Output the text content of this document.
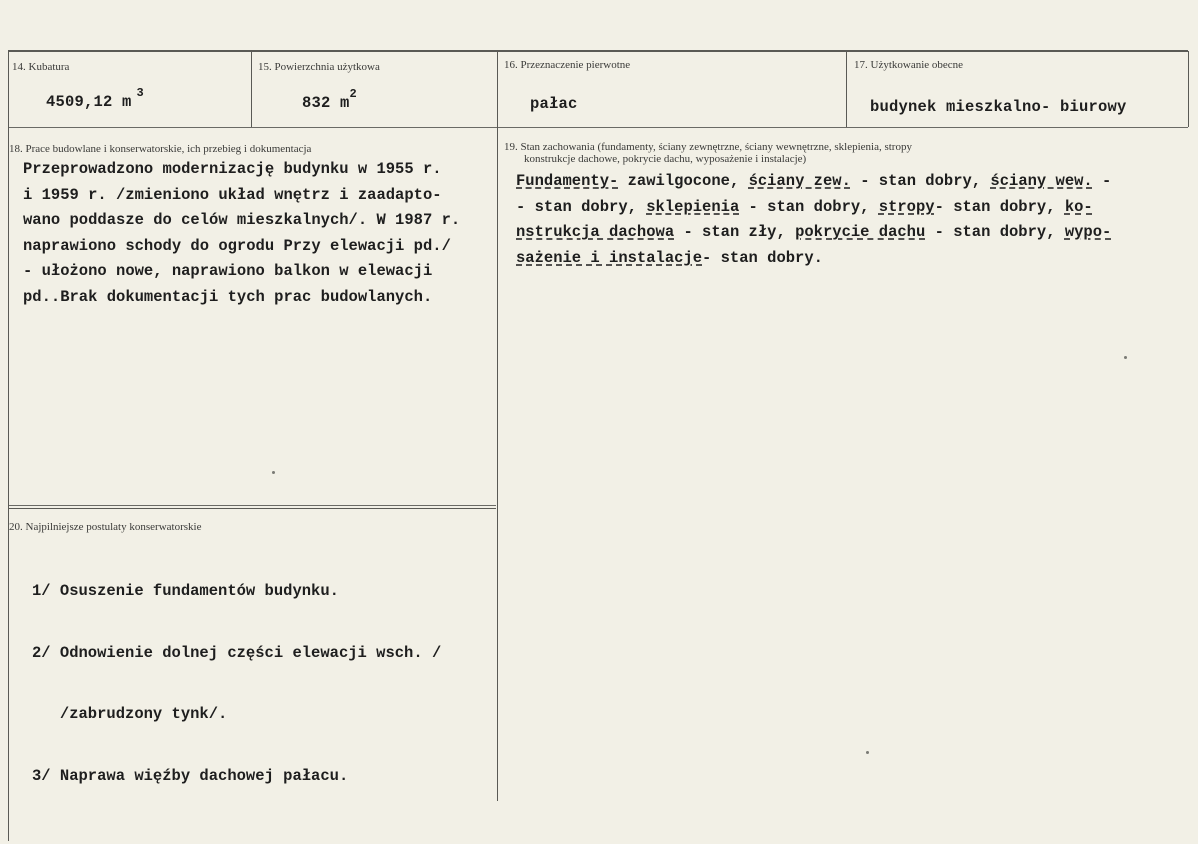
14. Kubatura
4509,12 $m^3$
15. Powierzchnia użytkowa
832 $m^2$
16. Przeznaczenie pierwotne
pałac
17. Użytkowanie obecne
budynek mieszkalno- biurowy
18. Prace budowlane i konserwatorskie, ich przebieg i dokumentacja
Przeprowadzono modernizację budynku w 1955 r.
i 1959 r. /zmieniono układ wnętrz i zaadapto-
wano poddasze do celów mieszkalnych/. W 1987 r.
naprawiono schody do ogrodu Przy elewacji pd./
- ułożono nowe, naprawiono balkon w elewacji
pd..Brak dokumentacji tych prac budowlanych.
19. Stan zachowania (fundamenty, ściany zewnętrzne, ściany wewnętrzne, sklepienia, stropy
konstrukcje dachowe, pokrycie dachu, wyposażenie i instalacje)
Fundamenty- zawilgocone, ściany zew. - stan dobry, ściany wew. -
- stan dobry, sklepienia - stan dobry, stropy- stan dobry, ko-
nstrukcja dachowa - stan zły, pokrycie dachu - stan dobry, wypo-
sażenie i instalacje- stan dobry.
20. Najpilniejsze postulaty konserwatorskie

1/ Osuszenie fundamentów budynku.

2/ Odnowienie dolnej części elewacji wsch. /

/zabrudzony tynk/.

3/ Naprawa więźby dachowej pałacu.
